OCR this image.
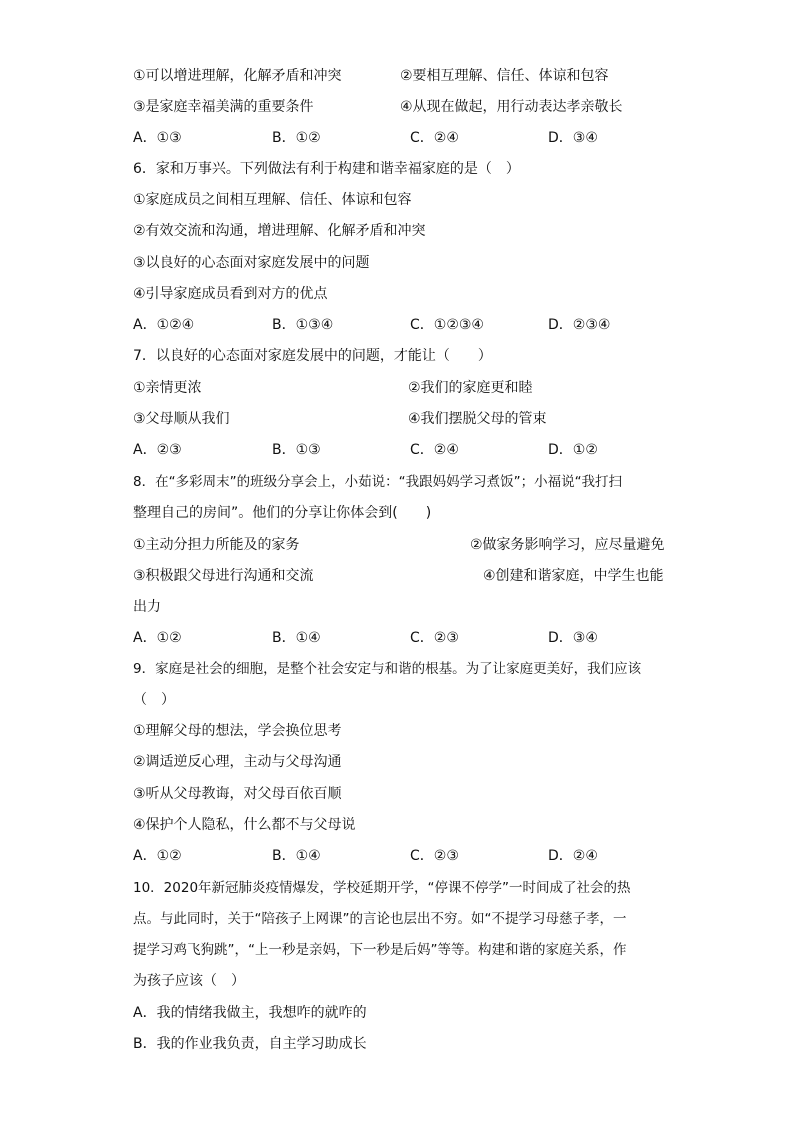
①可以增进理解，化解矛盾和冲突	②要相互理解、信任、体谅和包容
③是家庭幸福美满的重要条件	④从现在做起，用行动表达孝亲敬长
A．①③	B．①②	C．②④	D．③④
6．家和万事兴。下列做法有利于构建和谐幸福家庭的是（　）
①家庭成员之间相互理解、信任、体谅和包容
②有效交流和沟通，增进理解、化解矛盾和冲突
③以良好的心态面对家庭发展中的问题
④引导家庭成员看到对方的优点
A．①②④	B．①③④	C．①②③④	D．②③④
7．以良好的心态面对家庭发展中的问题，才能让（　　）
①亲情更浓	②我们的家庭更和睦
③父母顺从我们	④我们摆脱父母的管束
A．②③	B．①③	C．②④	D．①②
8．在“多彩周末”的班级分享会上，小茹说：“我跟妈妈学习煮饭”；小福说“我打扫
整理自己的房间”。他们的分享让你体会到(　　)
①主动分担力所能及的家务	②做家务影响学习，应尽量避免
③积极跟父母进行沟通和交流	④创建和谐家庭，中学生也能
出力
A．①②	B．①④	C．②③	D．③④
9．家庭是社会的细胞，是整个社会安定与和谐的根基。为了让家庭更美好，我们应该
（　）
①理解父母的想法，学会换位思考
②调适逆反心理，主动与父母沟通
③听从父母教诲，对父母百依百顺
④保护个人隐私，什么都不与父母说
A．①②	B．①④	C．②③	D．②④
10．2020年新冠肺炎疫情爆发，学校延期开学，“停课不停学”一时间成了社会的热
点。与此同时，关于“陪孩子上网课”的言论也层出不穷。如“不提学习母慈子孝，一
提学习鸡飞狗跳”，“上一秒是亲妈，下一秒是后妈”等等。构建和谐的家庭关系，作
为孩子应该（　）
A．我的情绪我做主，我想咋的就咋的
B．我的作业我负责，自主学习助成长
